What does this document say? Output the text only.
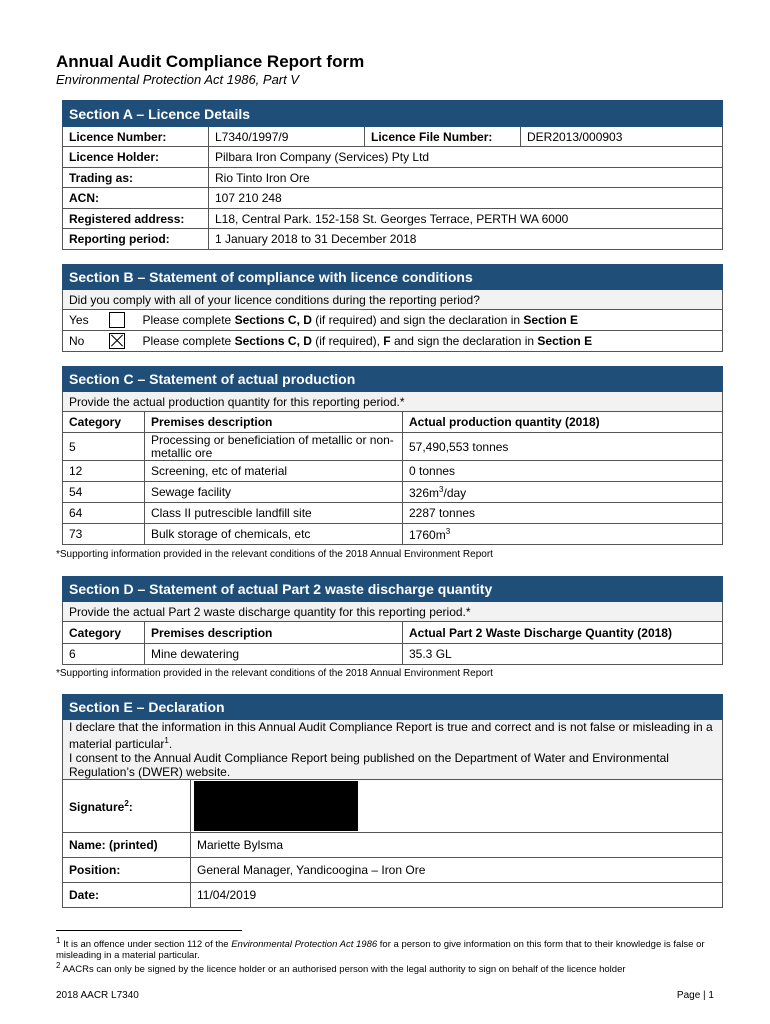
Annual Audit Compliance Report form

Environmental Protection Act 1986, Part V

Section A – Licence Details			
Licence Number:	L7340/1997/9	Licence File Number:	DER2013/000903
Licence Holder:	Pilbara Iron Company (Services) Pty Ltd		
Trading as:	Rio Tinto Iron Ore		
ACN:	107 210 248		
Registered address:	L18, Central Park. 152-158 St. Georges Terrace, PERTH WA 6000		
Reporting period:	1 January 2018 to 31 December 2018		
Section B – Statement of compliance with licence conditions		
Did you comply with all of your licence conditions during the reporting period?		
Yes		Please complete Sections C, D (if required) and sign the declaration in Section E
No		Please complete Sections C, D (if required), F and sign the declaration in Section E
Section C – Statement of actual production		
Provide the actual production quantity for this reporting period.*		
Category	Premises description	Actual production quantity (2018)
5	Processing or beneficiation of metallic or non-metallic ore	57,490,553 tonnes
12	Screening, etc of material	0 tonnes
54	Sewage facility	$326m^3$/day
64	Class II putrescible landfill site	2287 tonnes
73	Bulk storage of chemicals, etc	$1760m^3$
*Supporting information provided in the relevant conditions of the 2018 Annual Environment Report
Section D – Statement of actual Part 2 waste discharge quantity		
Provide the actual Part 2 waste discharge quantity for this reporting period.*		
Category	Premises description	Actual Part 2 Waste Discharge Quantity (2018)
6	Mine dewatering	35.3 GL
*Supporting information provided in the relevant conditions of the 2018 Annual Environment Report
Section E – Declaration	
I declare that the information in this Annual Audit Compliance Report is true and correct and is not false or misleading in a material particular$^1$.
I consent to the Annual Audit Compliance Report being published on the Department of Water and Environmental Regulation’s (DWER) website.	
Signature$^2$:	
Name: (printed)	Mariette Bylsma
Position:	General Manager, Yandicoogina – Iron Ore
Date:	11/04/2019
$^1$ It is an offence under section 112 of the Environmental Protection Act 1986 for a person to give information on this form that to their knowledge is false or misleading in a material particular.
$^2$ AACRs can only be signed by the licence holder or an authorised person with the legal authority to sign on behalf of the licence holder
2018 AACR L7340	Page | 1
